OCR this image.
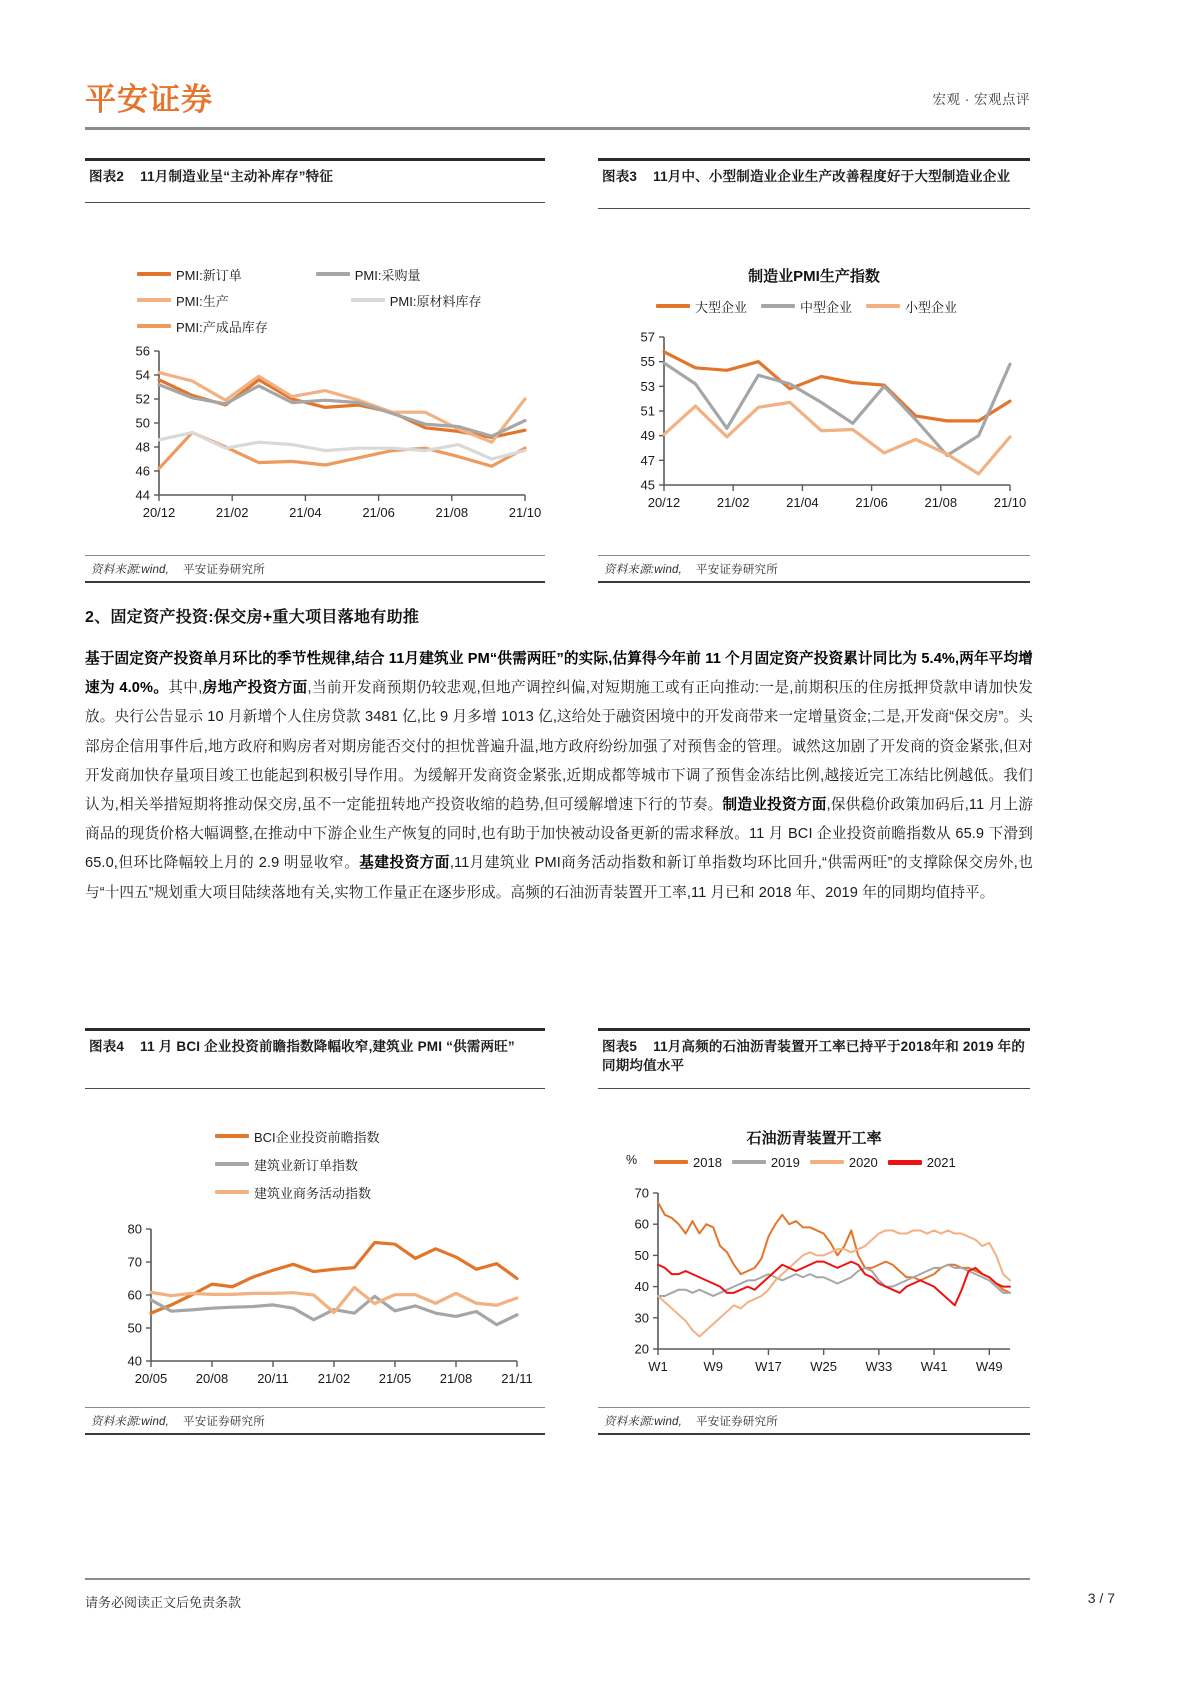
平安证券	宏观 · 宏观点评
图表2 11月制造业呈“主动补库存”特征
PMI:新订单	PMI:采购量
PMI:生产	PMI:原材料库存
PMI:产成品库存
44
46
48
50
52
54
56
20/12	21/02	21/04	21/06	21/08	21/10
资料来源:wind, 平安证券研究所
图表3 11月中、小型制造业企业生产改善程度好于大型制造业企业
制造业PMI生产指数
大型企业	中型企业	小型企业
45
47
49
51
53
55
57
20/12	21/02	21/04	21/06	21/08	21/10
资料来源:wind, 平安证券研究所
2、固定资产投资:保交房+重大项目落地有助推
基于固定资产投资单月环比的季节性规律,结合 11月建筑业 PM“供需两旺”的实际,估算得今年前 11 个月固定资产投资累计同比为 5.4%,两年平均增速为 4.0%。其中,房地产投资方面,当前开发商预期仍较悲观,但地产调控纠偏,对短期施工或有正向推动:一是,前期积压的住房抵押贷款申请加快发放。央行公告显示 10 月新增个人住房贷款 3481 亿,比 9 月多增 1013 亿,这给处于融资困境中的开发商带来一定增量资金;二是,开发商“保交房”。头部房企信用事件后,地方政府和购房者对期房能否交付的担忧普遍升温,地方政府纷纷加强了对预售金的管理。诚然这加剧了开发商的资金紧张,但对开发商加快存量项目竣工也能起到积极引导作用。为缓解开发商资金紧张,近期成都等城市下调了预售金冻结比例,越接近完工冻结比例越低。我们认为,相关举措短期将推动保交房,虽不一定能扭转地产投资收缩的趋势,但可缓解增速下行的节奏。制造业投资方面,保供稳价政策加码后,11 月上游商品的现货价格大幅调整,在推动中下游企业生产恢复的同时,也有助于加快被动设备更新的需求释放。11 月 BCI 企业投资前瞻指数从 65.9 下滑到 65.0,但环比降幅较上月的 2.9 明显收窄。基建投资方面,11月建筑业 PMI商务活动指数和新订单指数均环比回升,“供需两旺”的支撑除保交房外,也与“十四五”规划重大项目陆续落地有关,实物工作量正在逐步形成。高频的石油沥青装置开工率,11 月已和 2018 年、2019 年的同期均值持平。
图表4 11 月 BCI 企业投资前瞻指数降幅收窄,建筑业 PMI “供需两旺”
BCI企业投资前瞻指数
建筑业新订单指数
建筑业商务活动指数
40
50
60
70
80
20/05 20/08 20/11 21/02 21/05 21/08 21/11
资料来源:wind, 平安证券研究所
图表5 11月高频的石油沥青装置开工率已持平于2018年和 2019 年的同期均值水平
石油沥青装置开工率
%	2018	2019	2020	2021
20
30
40
50
60
70
W1	W9 W17 W25 W33 W41 W49
资料来源:wind, 平安证券研究所
请务必阅读正文后免责条款	3 / 7
